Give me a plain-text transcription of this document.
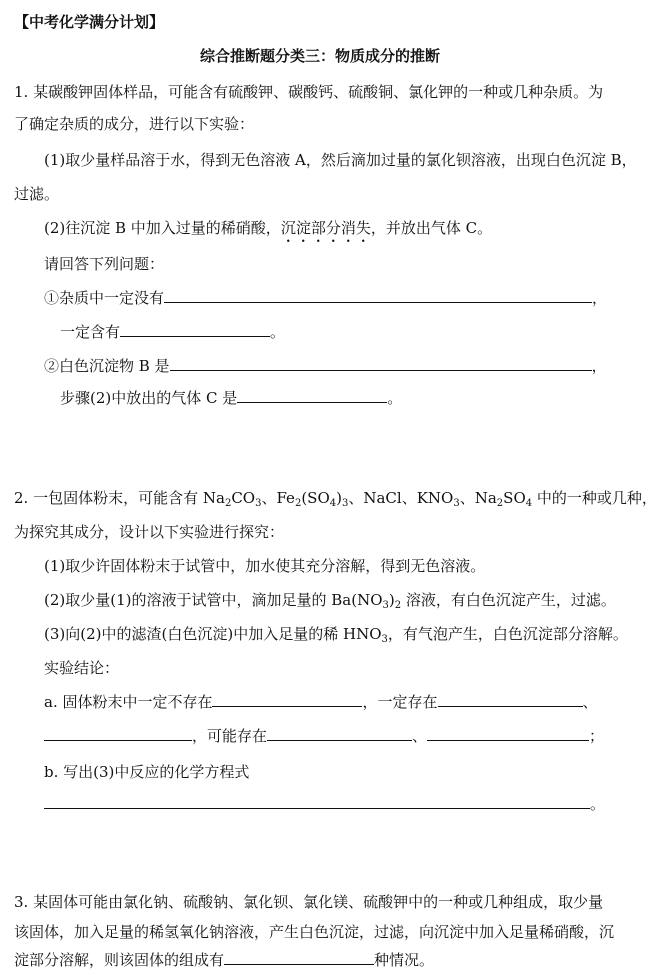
【中考化学满分计划】
综合推断题分类三：物质成分的推断
1. 某碳酸钾固体样品，可能含有硫酸钾、碳酸钙、硫酸铜、氯化钾的一种或几种杂质。为
了确定杂质的成分，进行以下实验：
(1)取少量样品溶于水，得到无色溶液 A，然后滴加过量的氯化钡溶液，出现白色沉淀 B，
过滤。
(2)往沉淀 B 中加入过量的稀硝酸，沉淀部分消失，并放出气体 C。
请回答下列问题：
①杂质中一定没有	，
一定含有	。
②白色沉淀物 B 是	，
步骤(2)中放出的气体 C 是	。
2. 一包固体粉末，可能含有 $Na_2CO_3$、$Fe_2(SO_4)_3$、NaCl、$KNO_3$、$Na_2SO_4$ 中的一种或几种，
为探究其成分，设计以下实验进行探究：
(1)取少许固体粉末于试管中，加水使其充分溶解，得到无色溶液。
(2)取少量(1)的溶液于试管中，滴加足量的 $Ba(NO_3)_2$ 溶液，有白色沉淀产生，过滤。
(3)向(2)中的滤渣(白色沉淀)中加入足量的稀 $HNO_3$，有气泡产生，白色沉淀部分溶解。
实验结论：
a. 固体粉末中一定不存在	，一定存在	、
，可能存在	、	；
b. 写出(3)中反应的化学方程式
。
3. 某固体可能由氯化钠、硫酸钠、氯化钡、氯化镁、硫酸钾中的一种或几种组成，取少量
该固体，加入足量的稀氢氧化钠溶液，产生白色沉淀，过滤，向沉淀中加入足量稀硝酸，沉
淀部分溶解，则该固体的组成有	种情况。
